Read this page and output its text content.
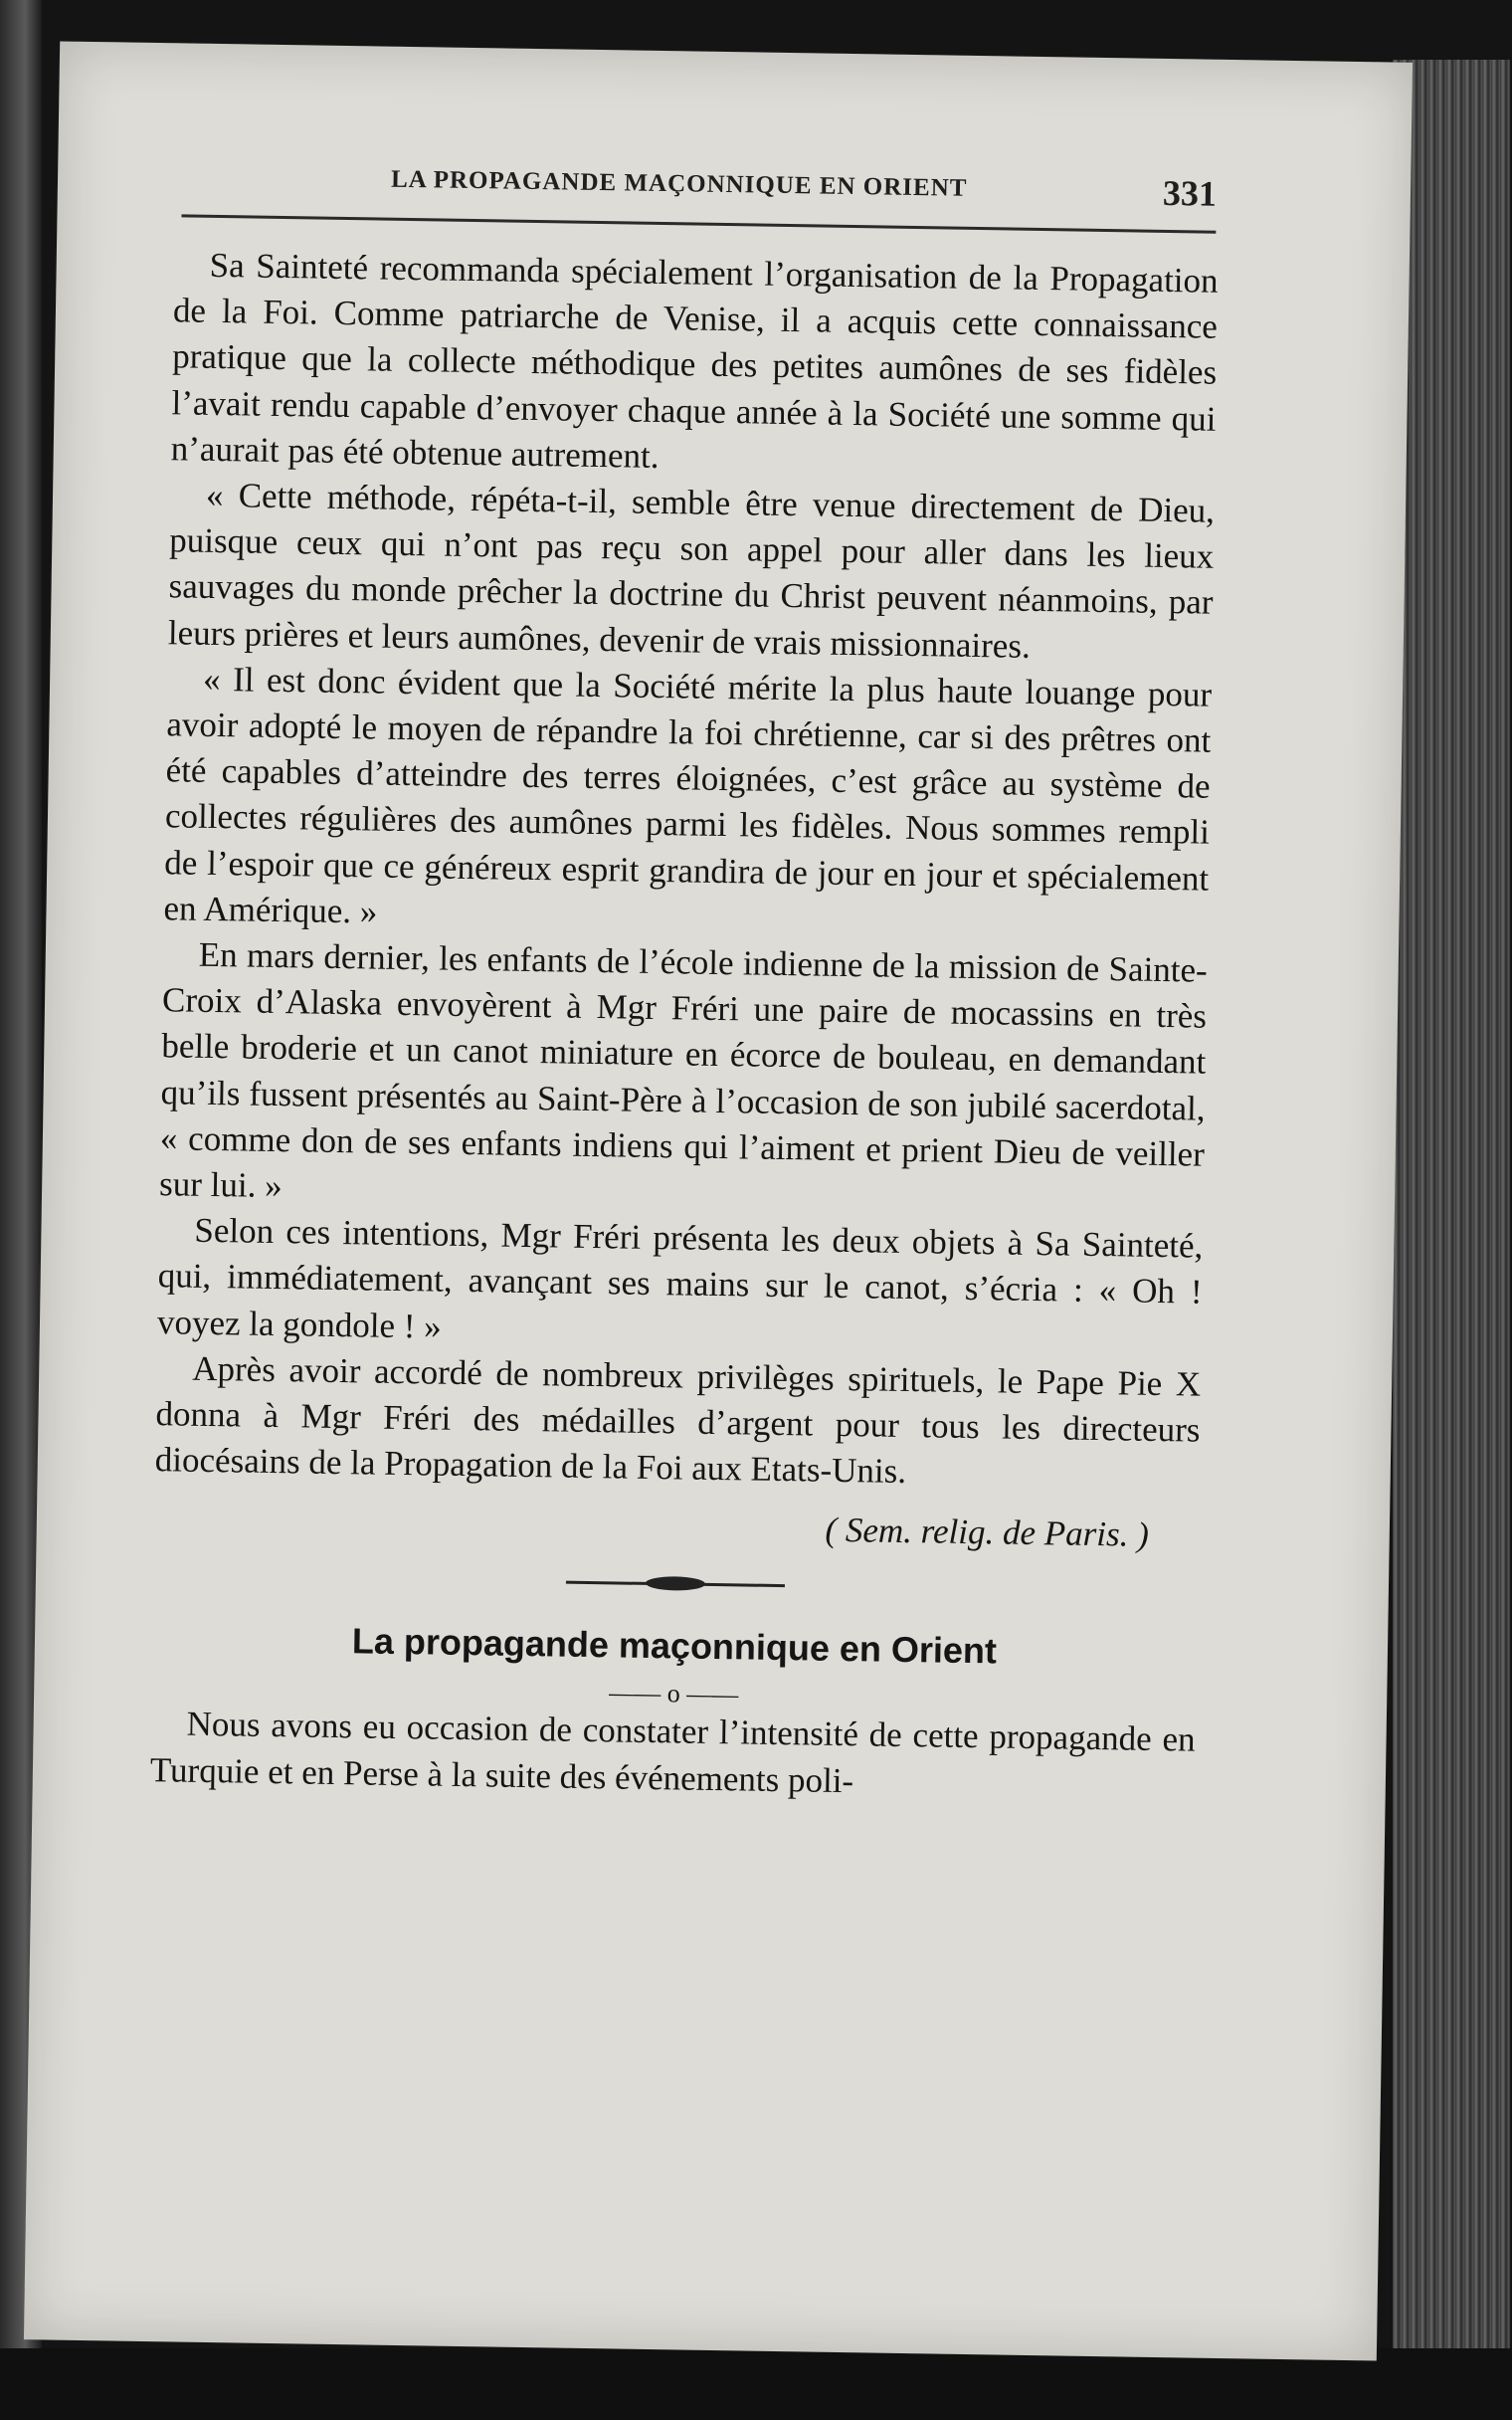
LA PROPAGANDE MAÇONNIQUE EN ORIENT	331

Sa Sainteté recommanda spécialement l’organisation de la Propagation de la Foi. Comme patriarche de Venise, il a acquis cette connaissance pratique que la collecte méthodique des petites aumônes de ses fidèles l’avait rendu capable d’envoyer chaque année à la Société une somme qui n’aurait pas été obtenue autrement.

« Cette méthode, répéta-t-il, semble être venue directement de Dieu, puisque ceux qui n’ont pas reçu son appel pour aller dans les lieux sauvages du monde prêcher la doctrine du Christ peuvent néanmoins, par leurs prières et leurs aumônes, devenir de vrais missionnaires.

« Il est donc évident que la Société mérite la plus haute louange pour avoir adopté le moyen de répandre la foi chrétienne, car si des prêtres ont été capables d’atteindre des terres éloignées, c’est grâce au système de collectes régulières des aumônes parmi les fidèles. Nous sommes rempli de l’espoir que ce généreux esprit grandira de jour en jour et spécialement en Amérique. »

En mars dernier, les enfants de l’école indienne de la mission de Sainte-Croix d’Alaska envoyèrent à Mgr Fréri une paire de mocassins en très belle broderie et un canot miniature en écorce de bouleau, en demandant qu’ils fussent présentés au Saint-Père à l’occasion de son jubilé sacerdotal, « comme don de ses enfants indiens qui l’aiment et prient Dieu de veiller sur lui. »

Selon ces intentions, Mgr Fréri présenta les deux objets à Sa Sainteté, qui, immédiatement, avançant ses mains sur le canot, s’écria : « Oh ! voyez la gondole ! »

Après avoir accordé de nombreux privilèges spirituels, le Pape Pie X donna à Mgr Fréri des médailles d’argent pour tous les directeurs diocésains de la Propagation de la Foi aux Etats-Unis.

( Sem. relig. de Paris. )
La propagande maçonnique en Orient
—— o ——

Nous avons eu occasion de constater l’intensité de cette propagande en Turquie et en Perse à la suite des événements poli-
